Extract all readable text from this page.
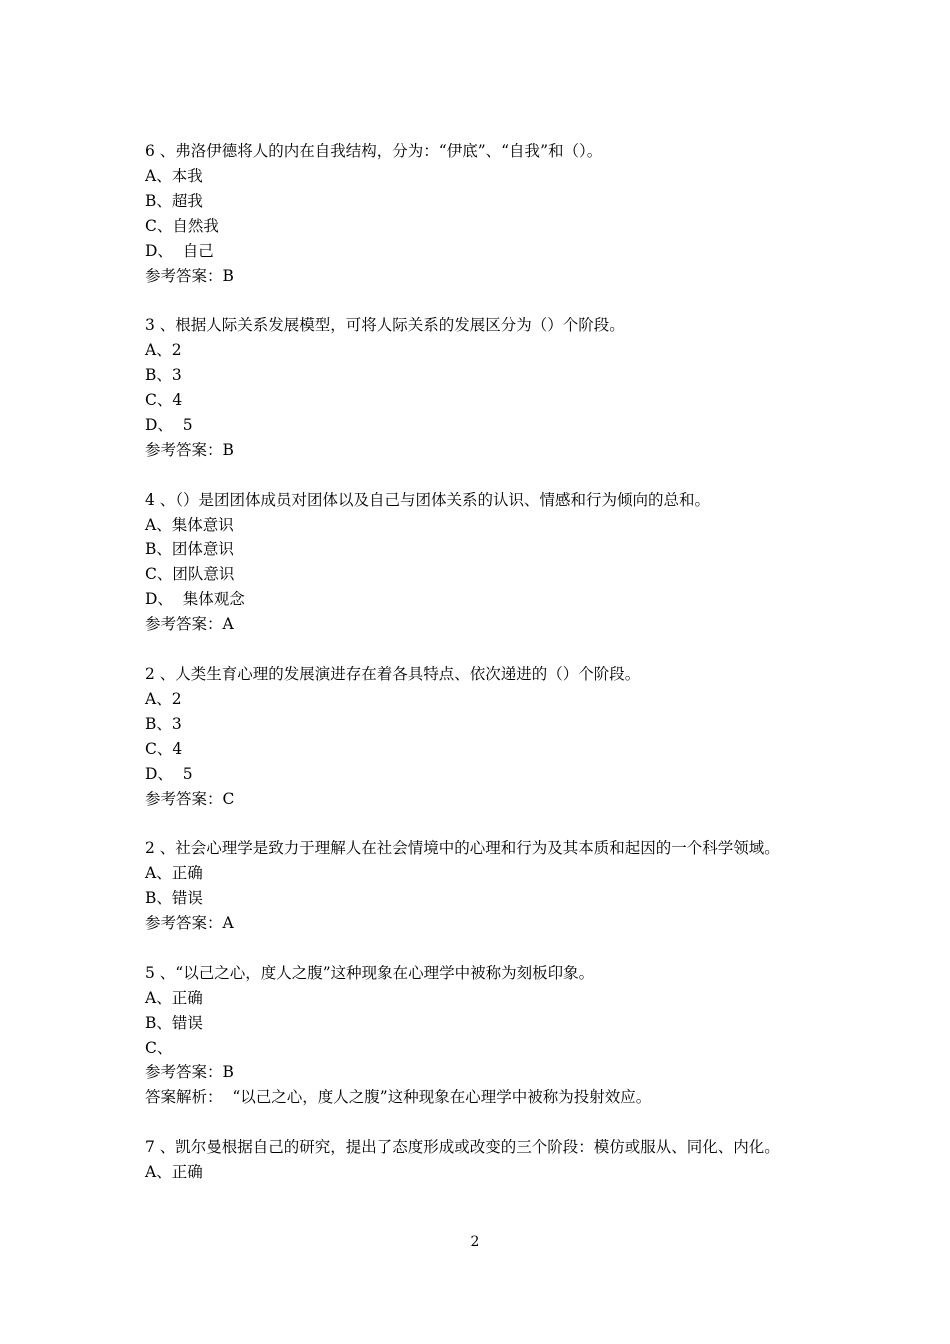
6 、弗洛伊德将人的内在自我结构，分为：“伊底”、“自我”和（）。
A、本我
B、超我
C、自然我
D、  自己
参考答案：B
3 、根据人际关系发展模型，可将人际关系的发展区分为（）个阶段。
A、2
B、3
C、4
D、  5
参考答案：B
4 、（）是团团体成员对团体以及自己与团体关系的认识、情感和行为倾向的总和。
A、集体意识
B、团体意识
C、团队意识
D、  集体观念
参考答案：A
2 、人类生育心理的发展演进存在着各具特点、依次递进的（）个阶段。
A、2
B、3
C、4
D、  5
参考答案：C
2 、社会心理学是致力于理解人在社会情境中的心理和行为及其本质和起因的一个科学领域。
A、正确
B、错误
参考答案：A
5 、“以己之心，度人之腹”这种现象在心理学中被称为刻板印象。
A、正确
B、错误
C、
参考答案：B
答案解析：  “以己之心，度人之腹”这种现象在心理学中被称为投射效应。
7 、凯尔曼根据自己的研究，提出了态度形成或改变的三个阶段：模仿或服从、同化、内化。
A、正确
2
